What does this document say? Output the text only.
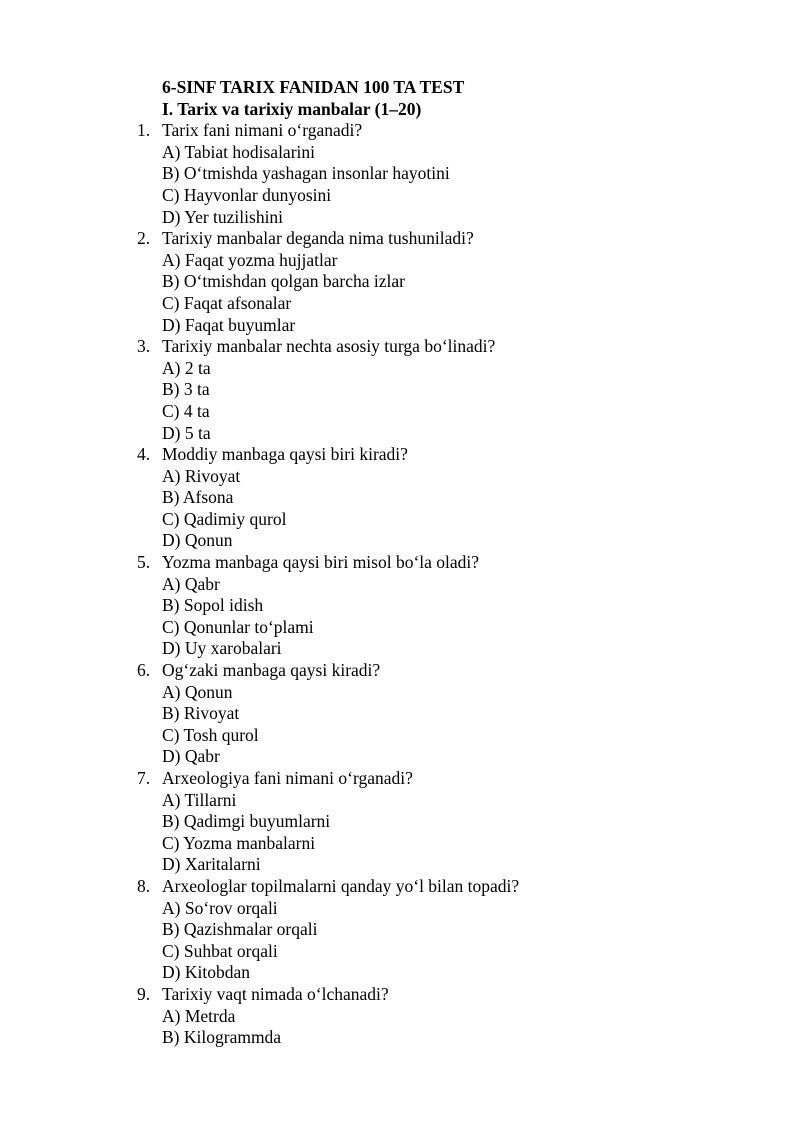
6-SINF TARIX FANIDAN 100 TA TEST
I. Tarix va tarixiy manbalar (1–20)
1. Tarix fani nimani o‘rganadi?
A) Tabiat hodisalarini
B) O‘tmishda yashagan insonlar hayotini
C) Hayvonlar dunyosini
D) Yer tuzilishini
2. Tarixiy manbalar deganda nima tushuniladi?
A) Faqat yozma hujjatlar
B) O‘tmishdan qolgan barcha izlar
C) Faqat afsonalar
D) Faqat buyumlar
3. Tarixiy manbalar nechta asosiy turga bo‘linadi?
A) 2 ta
B) 3 ta
C) 4 ta
D) 5 ta
4. Moddiy manbaga qaysi biri kiradi?
A) Rivoyat
B) Afsona
C) Qadimiy qurol
D) Qonun
5. Yozma manbaga qaysi biri misol bo‘la oladi?
A) Qabr
B) Sopol idish
C) Qonunlar to‘plami
D) Uy xarobalari
6. Og‘zaki manbaga qaysi kiradi?
A) Qonun
B) Rivoyat
C) Tosh qurol
D) Qabr
7. Arxeologiya fani nimani o‘rganadi?
A) Tillarni
B) Qadimgi buyumlarni
C) Yozma manbalarni
D) Xaritalarni
8. Arxeologlar topilmalarni qanday yo‘l bilan topadi?
A) So‘rov orqali
B) Qazishmalar orqali
C) Suhbat orqali
D) Kitobdan
9. Tarixiy vaqt nimada o‘lchanadi?
A) Metrda
B) Kilogrammda
